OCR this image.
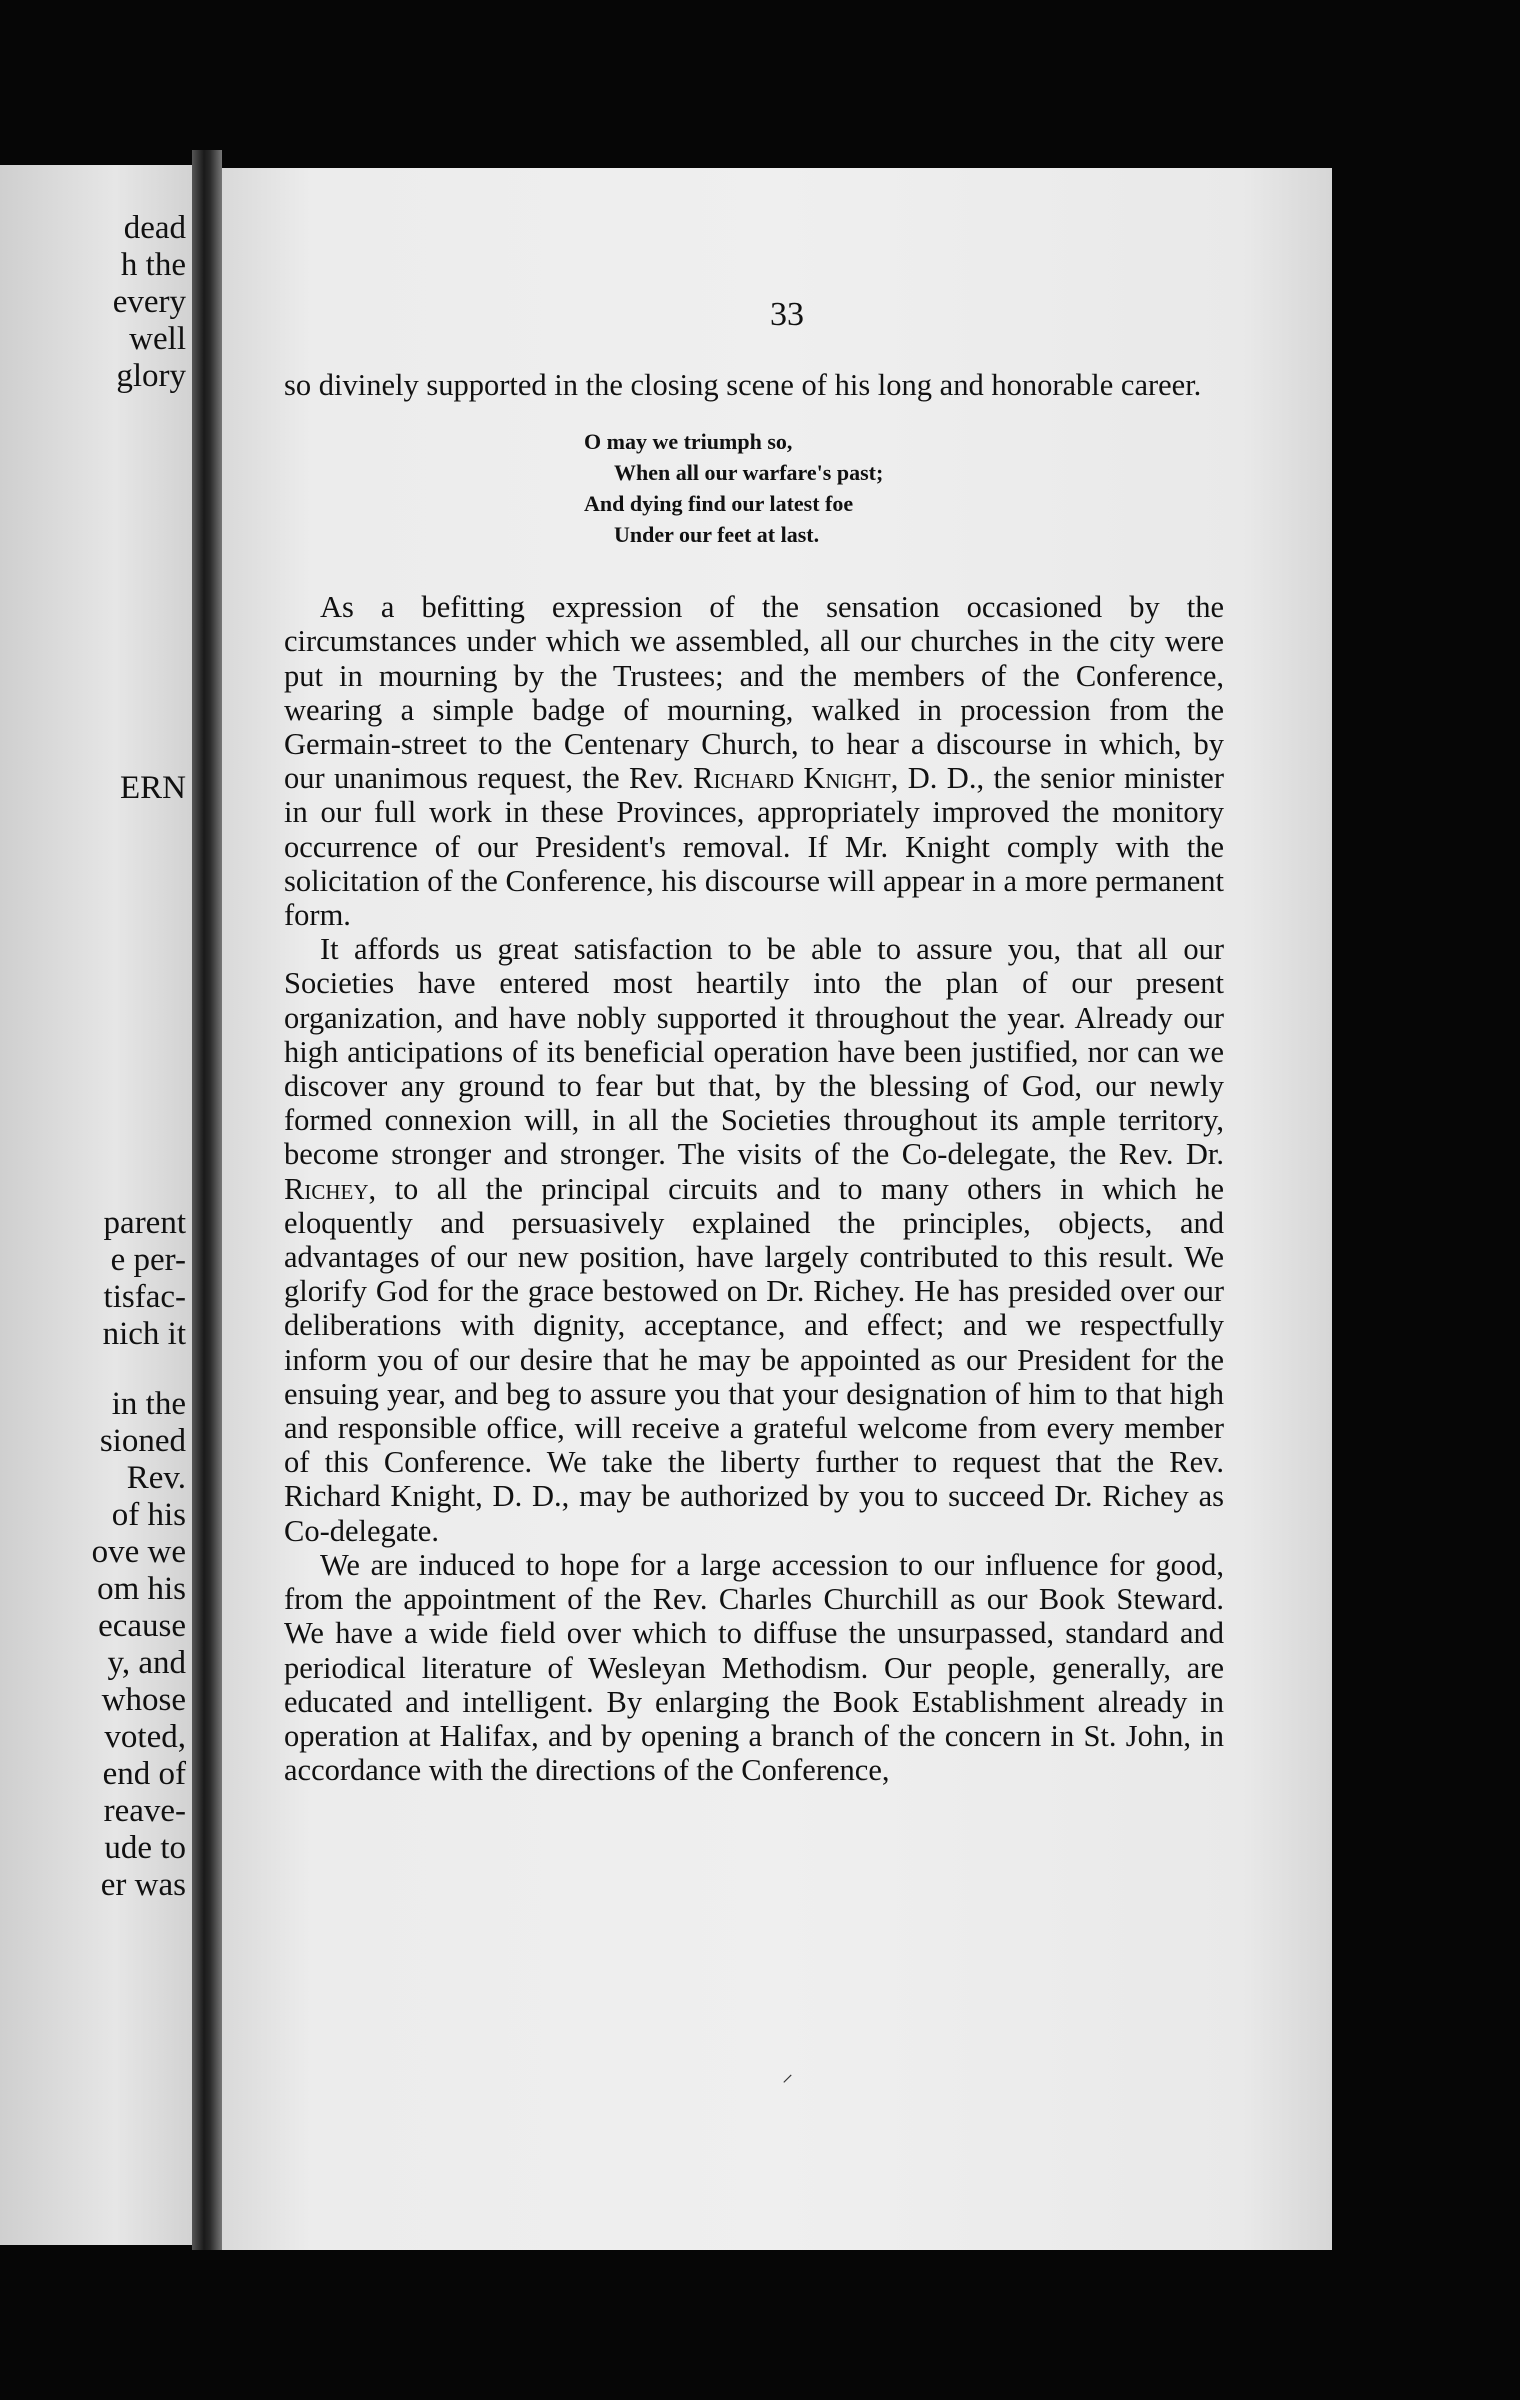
dead
h the
every
well
glory
ERN
parent
e per-
tisfac-
nich it
in the
sioned
Rev.
of his
ove we
om his
ecause
y, and
whose
voted,
end of
reave-
ude to
er was
33

so divinely supported in the closing scene of his long and honorable career.

O may we triumph so,
When all our warfare's past;
And dying find our latest foe
Under our feet at last.

As a befitting expression of the sensation occasioned by the circumstances under which we assembled, all our churches in the city were put in mourning by the Trustees; and the members of the Conference, wearing a simple badge of mourning, walked in procession from the Germain-street to the Centenary Church, to hear a discourse in which, by our unanimous request, the Rev. Richard Knight, D. D., the senior minister in our full work in these Provinces, appropriately improved the monitory occurrence of our President's removal. If Mr. Knight comply with the solicitation of the Conference, his discourse will appear in a more permanent form.

It affords us great satisfaction to be able to assure you, that all our Societies have entered most heartily into the plan of our present organization, and have nobly supported it throughout the year. Already our high anticipations of its beneficial operation have been justified, nor can we discover any ground to fear but that, by the blessing of God, our newly formed connexion will, in all the Societies throughout its ample territory, become stronger and stronger. The visits of the Co-delegate, the Rev. Dr. Richey, to all the principal circuits and to many others in which he eloquently and persuasively explained the principles, objects, and advantages of our new position, have largely contributed to this result. We glorify God for the grace bestowed on Dr. Richey. He has presided over our deliberations with dignity, acceptance, and effect; and we respectfully inform you of our desire that he may be appointed as our President for the ensuing year, and beg to assure you that your designation of him to that high and responsible office, will receive a grateful welcome from every member of this Conference. We take the liberty further to request that the Rev. Richard Knight, D. D., may be authorized by you to succeed Dr. Richey as Co-delegate.

We are induced to hope for a large accession to our influence for good, from the appointment of the Rev. Charles Churchill as our Book Steward. We have a wide field over which to diffuse the unsurpassed, standard and periodical literature of Wesleyan Methodism. Our people, generally, are educated and intelligent. By enlarging the Book Establishment already in operation at Halifax, and by opening a branch of the concern in St. John, in accordance with the directions of the Conference,

⸝
